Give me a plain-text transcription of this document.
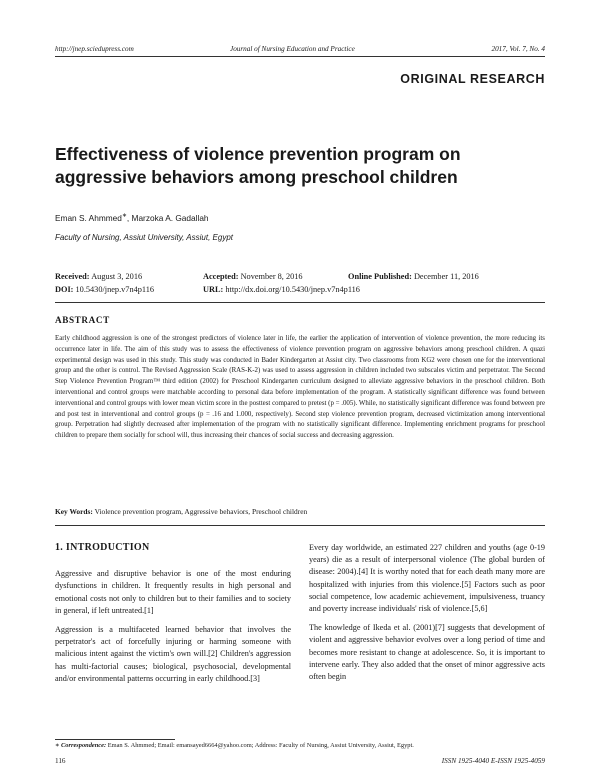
http://jnep.sciedupress.com	Journal of Nursing Education and Practice	2017, Vol. 7, No. 4
ORIGINAL RESEARCH
Effectiveness of violence prevention program on aggressive behaviors among preschool children
Eman S. Ahmmed∗, Marzoka A. Gadallah
Faculty of Nursing, Assiut University, Assiut, Egypt
Received: August 3, 2016	Accepted: November 8, 2016	Online Published: December 11, 2016
DOI: 10.5430/jnep.v7n4p116	URL: http://dx.doi.org/10.5430/jnep.v7n4p116
ABSTRACT
Early childhood aggression is one of the strongest predictors of violence later in life, the earlier the application of intervention of violence prevention, the more reducing its occurrence later in life. The aim of this study was to assess the effectiveness of violence prevention program on aggressive behaviors among preschool children. A quazi experimental design was used in this study. This study was conducted in Bader Kindergarten at Assiut city. Two classrooms from KG2 were chosen one for the interventional group and the other is control. The Revised Aggression Scale (RAS-K-2) was used to assess aggression in children included two subscales victim and perpetrator. The Second Step Violence Prevention Program™ third edition (2002) for Preschool Kindergarten curriculum designed to alleviate aggressive behaviors in the preschool children. Both interventional and control groups were matchable according to personal data before implementation of the program. A statistically significant difference was found between interventional and control groups with lower mean victim score in the posttest compared to pretest (p = .005). While, no statistically significant difference was found between pre and post test in interventional and control groups (p = .16 and 1.000, respectively). Second step violence prevention program, decreased victimization among interventional group. Perpetration had slightly decreased after implementation of the program with no statistically significant difference. Implementing enrichment programs for preschool children to prepare them socially for school will, thus increasing their chances of social success and decreasing aggression.
Key Words: Violence prevention program, Aggressive behaviors, Preschool children
1. INTRODUCTION

Aggressive and disruptive behavior is one of the most enduring dysfunctions in children. It frequently results in high personal and emotional costs not only to children but to their families and to society in general, if left untreated.[1]

Aggression is a multifaceted learned behavior that involves the perpetrator's act of forcefully injuring or harming someone with malicious intent against the victim's own will.[2] Children's aggression has multi-factorial causes; biological, psychosocial, developmental and/or environmental patterns occurring in early childhood.[3]

Every day worldwide, an estimated 227 children and youths (age 0-19 years) die as a result of interpersonal violence (The global burden of disease: 2004).[4] It is worthy noted that for each death many more are hospitalized with injuries from this violence.[5] Factors such as poor social competence, low academic achievement, impulsiveness, truancy and poverty increase individuals' risk of violence.[5,6]

The knowledge of Ikeda et al. (2001)[7] suggests that development of violent and aggressive behavior evolves over a long period of time and becomes more resistant to change at adolescence. So, it is important to intervene early. They also added that the onset of minor aggressive acts often begin

∗ Correspondence: Eman S. Ahmmed; Email: emansayed6664@yahoo.com; Address: Faculty of Nursing, Assiut University, Assiut, Egypt.
116	ISSN 1925-4040 E-ISSN 1925-4059
